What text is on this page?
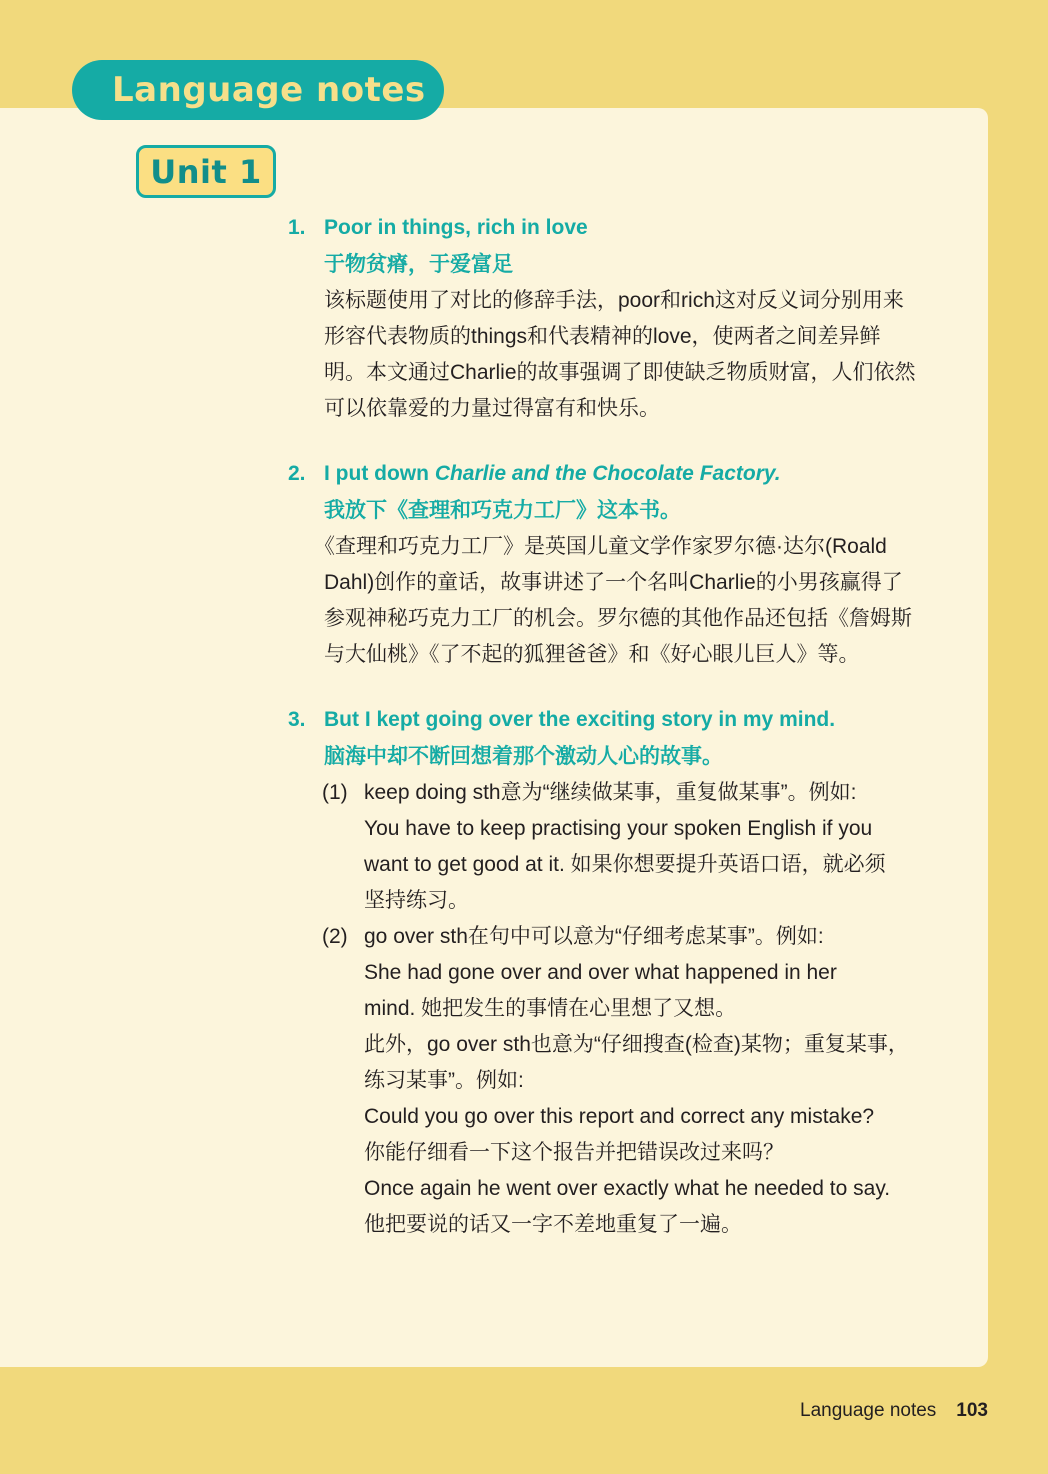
Language notes
Unit 1
1. Poor in things, rich in love
于物贫瘠，于爱富足
该标题使用了对比的修辞手法，poor和rich这对反义词分别用来
形容代表物质的things和代表精神的love，使两者之间差异鲜
明。本文通过Charlie的故事强调了即使缺乏物质财富，人们依然
可以依靠爱的力量过得富有和快乐。
2. I put down Charlie and the Chocolate Factory.
我放下《查理和巧克力工厂》这本书。
《查理和巧克力工厂》是英国儿童文学作家罗尔德·达尔(Roald
Dahl)创作的童话，故事讲述了一个名叫Charlie的小男孩赢得了
参观神秘巧克力工厂的机会。罗尔德的其他作品还包括《詹姆斯
与大仙桃》《了不起的狐狸爸爸》和《好心眼儿巨人》等。
3. But I kept going over the exciting story in my mind.
脑海中却不断回想着那个激动人心的故事。
(1) keep doing sth意为“继续做某事，重复做某事”。例如:
You have to keep practising your spoken English if you
want to get good at it. 如果你想要提升英语口语，就必须
坚持练习。
(2) go over sth在句中可以意为“仔细考虑某事”。例如:
She had gone over and over what happened in her
mind. 她把发生的事情在心里想了又想。
此外，go over sth也意为“仔细搜查(检查)某物；重复某事，
练习某事”。例如:
Could you go over this report and correct any mistake?
你能仔细看一下这个报告并把错误改过来吗？
Once again he went over exactly what he needed to say.
他把要说的话又一字不差地重复了一遍。
Language notes 103
